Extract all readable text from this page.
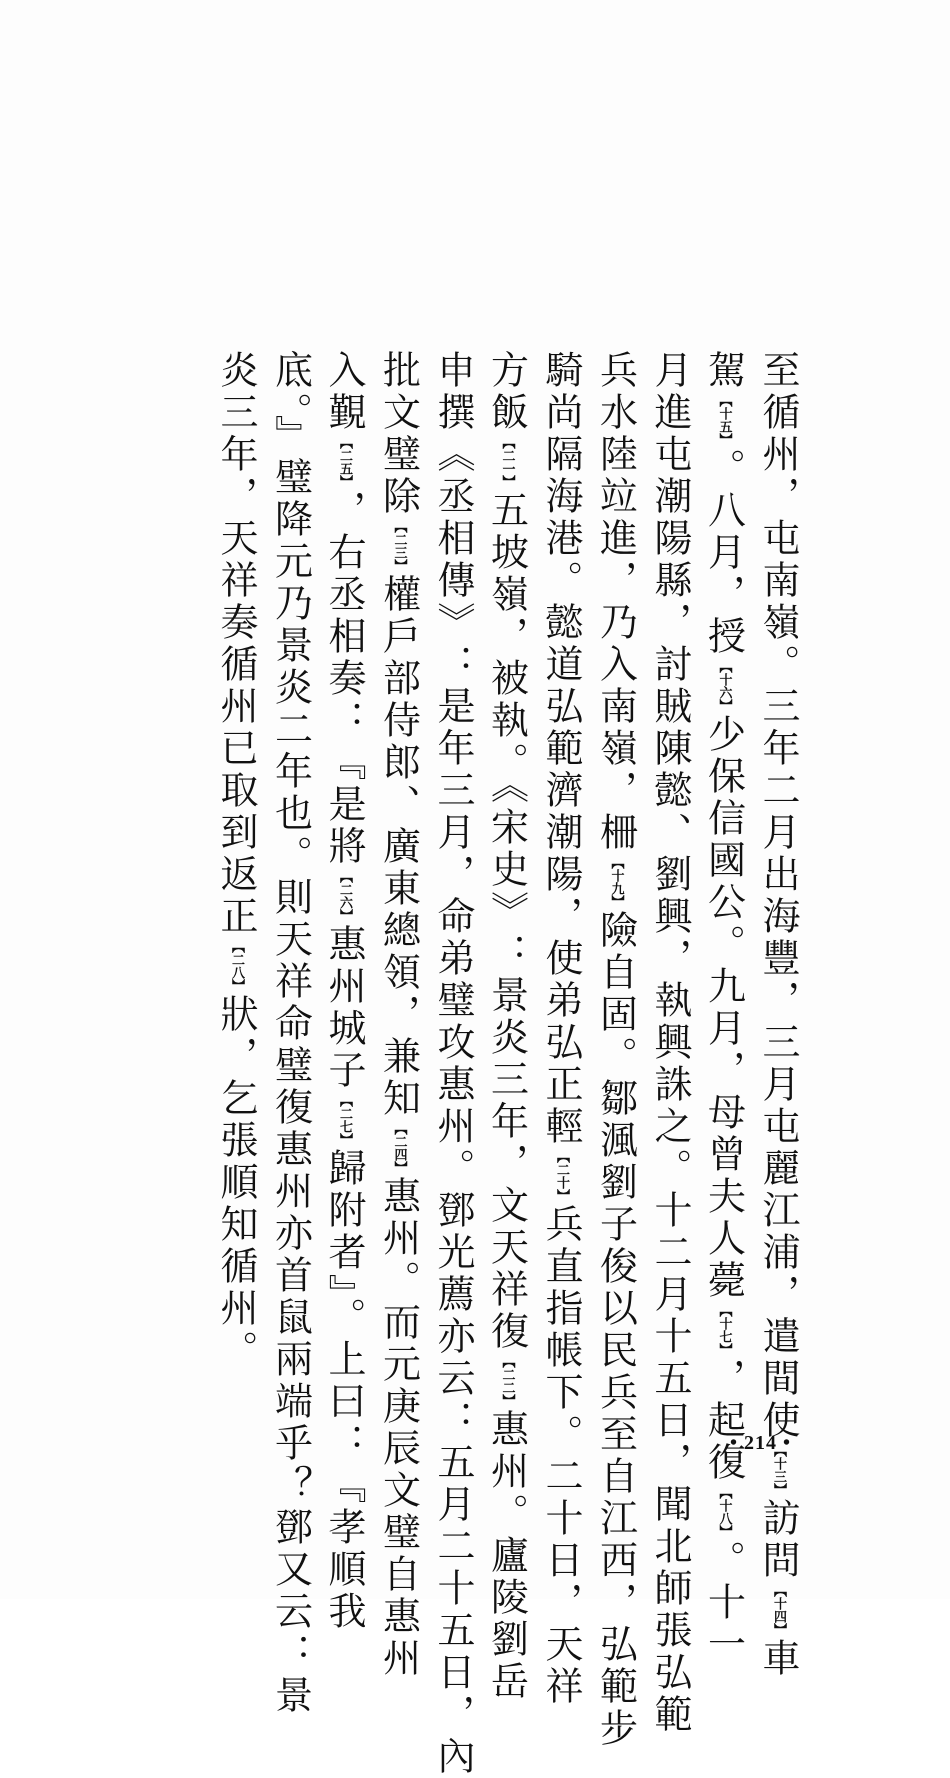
至循州，屯南嶺。三年二月出海豐，三月屯麗江浦，遣間使【十三】訪問【十四】車
駕【十五】。八月，授【十六】少保信國公。九月，母曾夫人薨【十七】，起復【十八】。十一
月進屯潮陽縣，討賊陳懿、劉興，執興誅之。十二月十五日，聞北師張弘範
兵水陸竝進，乃入南嶺，柵【十九】險自固。鄒渢劉子俊以民兵至自江西，弘範步
騎尚隔海港。懿道弘範濟潮陽，使弟弘正輕【二十】兵直指帳下。二十日，天祥
方飯【二一】五坡嶺，被執。《宋史》：景炎三年，文天祥復【二二】惠州。廬陵劉岳
申撰《丞相傳》：是年三月，命弟璧攻惠州。鄧光薦亦云：五月二十五日，內
批文璧除【二三】權戶部侍郎、廣東總領，兼知【二四】惠州。而元庚辰文璧自惠州
入覲【二五】，右丞相奏：『是將【二六】惠州城子【二七】歸附者』。上曰：『孝順我
底。』璧降元乃景炎二年也。則天祥命璧復惠州亦首鼠兩端乎？鄧又云：景
炎三年，天祥奏循州已取到返正【二八】狀，乞張順知循州。
• 214 •
